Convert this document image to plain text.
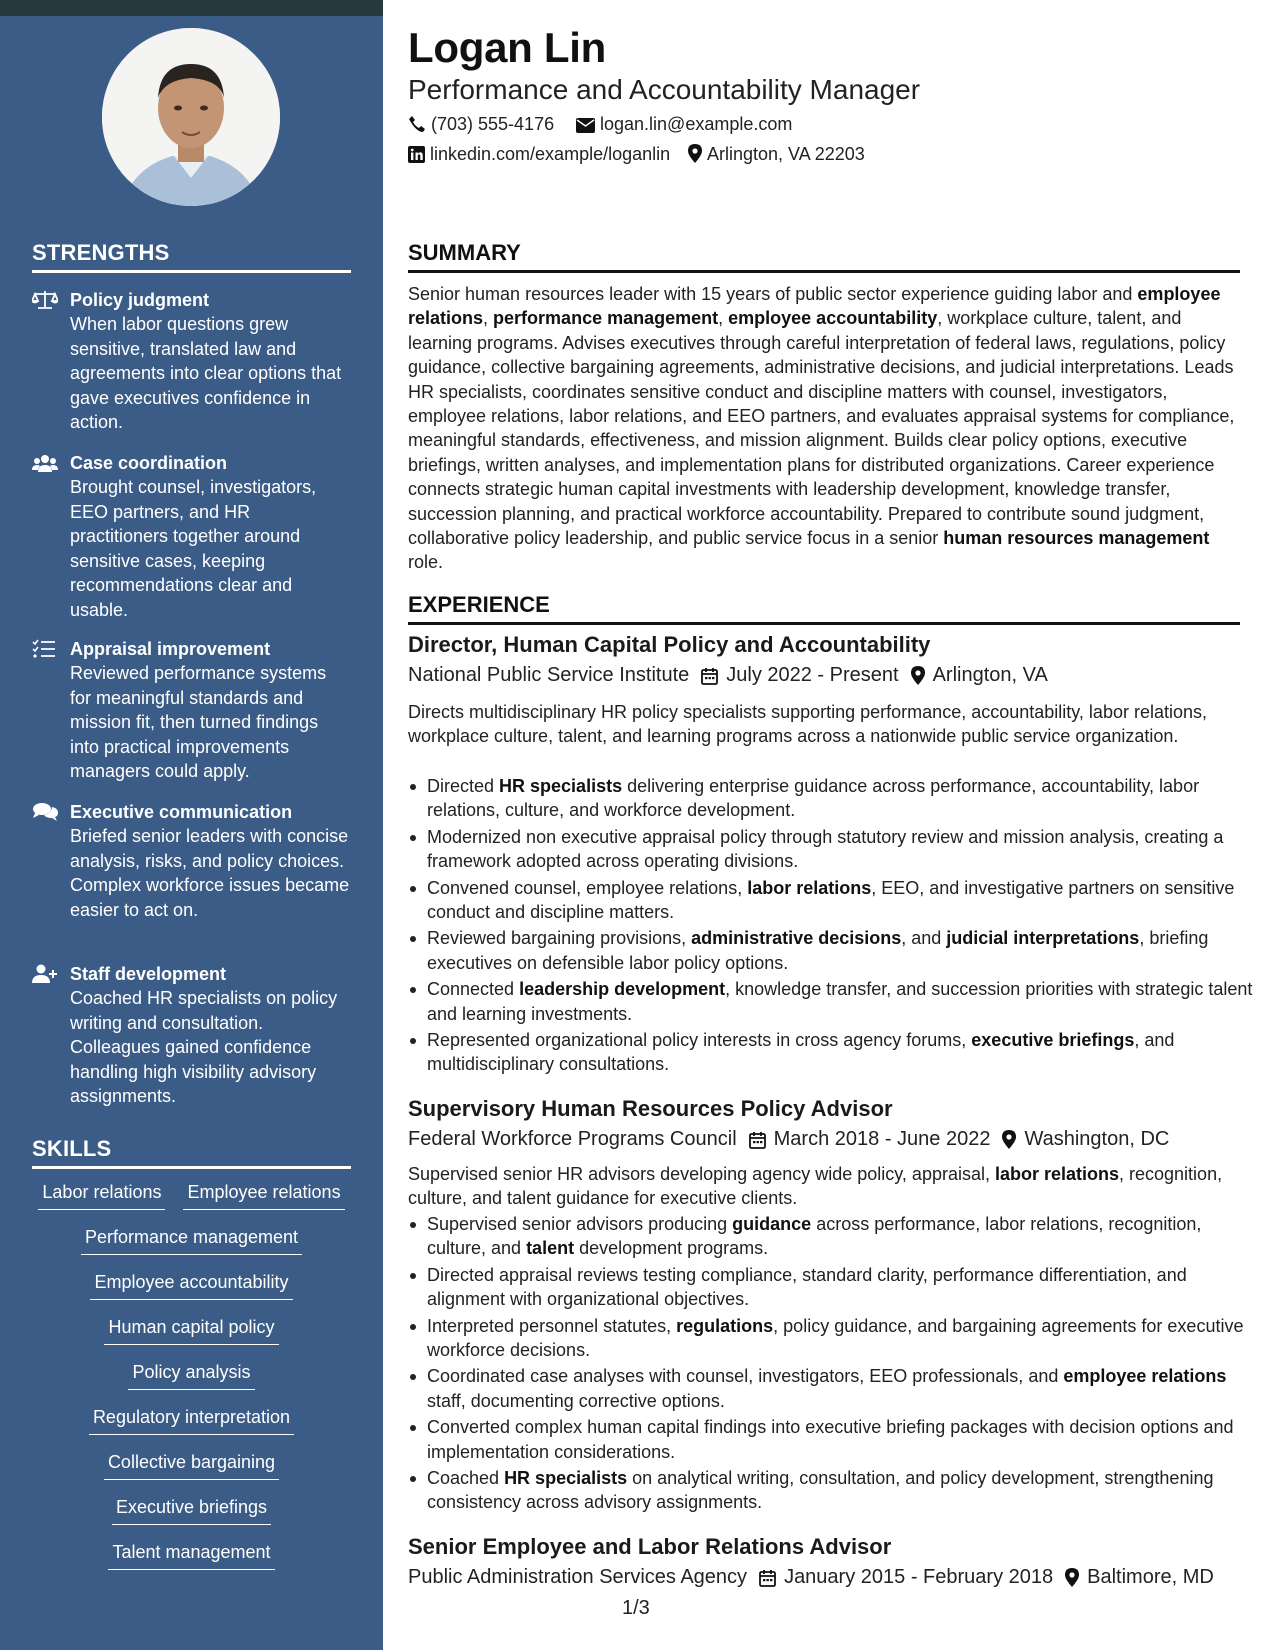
STRENGTHS
Policy judgment
When labor questions grew sensitive, translated law and agreements into clear options that gave executives confidence in action.
Case coordination
Brought counsel, investigators, EEO partners, and HR practitioners together around sensitive cases, keeping recommendations clear and usable.
Appraisal improvement
Reviewed performance systems for meaningful standards and mission fit, then turned findings into practical improvements managers could apply.
Executive communication
Briefed senior leaders with concise analysis, risks, and policy choices. Complex workforce issues became easier to act on.
Staff development
Coached HR specialists on policy writing and consultation. Colleagues gained confidence handling high visibility advisory assignments.
SKILLS
Labor relations Employee relations
Performance management
Employee accountability
Human capital policy
Policy analysis
Regulatory interpretation
Collective bargaining
Executive briefings
Talent management
Logan Lin
Performance and Accountability Manager
(703) 555-4176	logan.lin@example.com
linkedin.com/example/loganlin	Arlington, VA 22203
SUMMARY
Senior human resources leader with 15 years of public sector experience guiding labor and employee relations, performance management, employee accountability, workplace culture, talent, and learning programs. Advises executives through careful interpretation of federal laws, regulations, policy guidance, collective bargaining agreements, administrative decisions, and judicial interpretations. Leads HR specialists, coordinates sensitive conduct and discipline matters with counsel, investigators, employee relations, labor relations, and EEO partners, and evaluates appraisal systems for compliance, meaningful standards, effectiveness, and mission alignment. Builds clear policy options, executive briefings, written analyses, and implementation plans for distributed organizations. Career experience connects strategic human capital investments with leadership development, knowledge transfer, succession planning, and practical workforce accountability. Prepared to contribute sound judgment, collaborative policy leadership, and public service focus in a senior human resources management role.
EXPERIENCE
Director, Human Capital Policy and Accountability
National Public Service Institute July 2022 - Present Arlington, VA
Directs multidisciplinary HR policy specialists supporting performance, accountability, labor relations, workplace culture, talent, and learning programs across a nationwide public service organization.
Directed HR specialists delivering enterprise guidance across performance, accountability, labor relations, culture, and workforce development.
Modernized non executive appraisal policy through statutory review and mission analysis, creating a framework adopted across operating divisions.
Convened counsel, employee relations, labor relations, EEO, and investigative partners on sensitive conduct and discipline matters.
Reviewed bargaining provisions, administrative decisions, and judicial interpretations, briefing executives on defensible labor policy options.
Connected leadership development, knowledge transfer, and succession priorities with strategic talent and learning investments.
Represented organizational policy interests in cross agency forums, executive briefings, and multidisciplinary consultations.
Supervisory Human Resources Policy Advisor
Federal Workforce Programs Council March 2018 - June 2022 Washington, DC
Supervised senior HR advisors developing agency wide policy, appraisal, labor relations, recognition, culture, and talent guidance for executive clients.
Supervised senior advisors producing guidance across performance, labor relations, recognition, culture, and talent development programs.
Directed appraisal reviews testing compliance, standard clarity, performance differentiation, and alignment with organizational objectives.
Interpreted personnel statutes, regulations, policy guidance, and bargaining agreements for executive workforce decisions.
Coordinated case analyses with counsel, investigators, EEO professionals, and employee relations staff, documenting corrective options.
Converted complex human capital findings into executive briefing packages with decision options and implementation considerations.
Coached HR specialists on analytical writing, consultation, and policy development, strengthening consistency across advisory assignments.
Senior Employee and Labor Relations Advisor
Public Administration Services Agency January 2015 - February 2018 Baltimore, MD
1/3
